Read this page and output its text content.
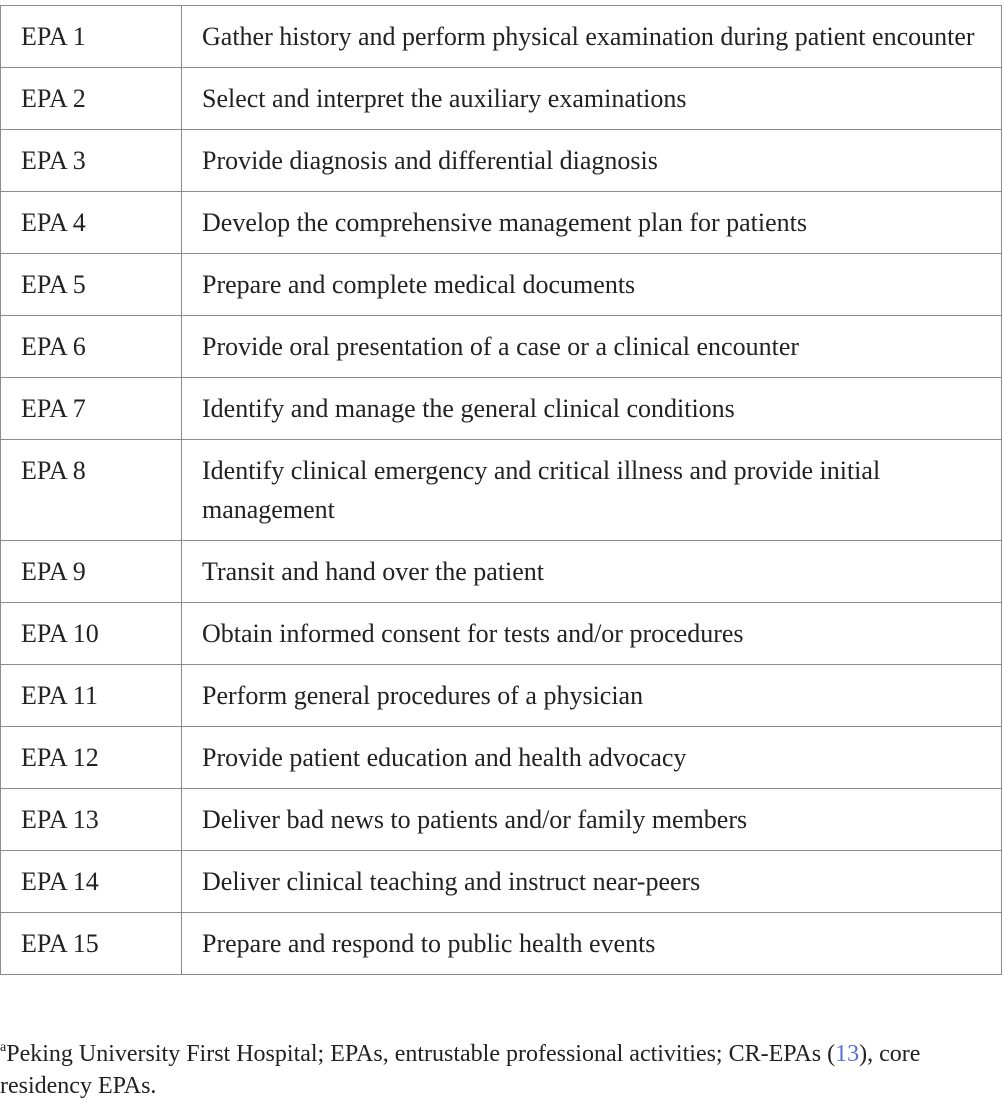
EPA 1	Gather history and perform physical examination during patient encounter
EPA 2	Select and interpret the auxiliary examinations
EPA 3	Provide diagnosis and differential diagnosis
EPA 4	Develop the comprehensive management plan for patients
EPA 5	Prepare and complete medical documents
EPA 6	Provide oral presentation of a case or a clinical encounter
EPA 7	Identify and manage the general clinical conditions
EPA 8	Identify clinical emergency and critical illness and provide initial management
EPA 9	Transit and hand over the patient
EPA 10	Obtain informed consent for tests and/or procedures
EPA 11	Perform general procedures of a physician
EPA 12	Provide patient education and health advocacy
EPA 13	Deliver bad news to patients and/or family members
EPA 14	Deliver clinical teaching and instruct near-peers
EPA 15	Prepare and respond to public health events
$^a$Peking University First Hospital; EPAs, entrustable professional activities; CR-EPAs (13), core residency EPAs.
